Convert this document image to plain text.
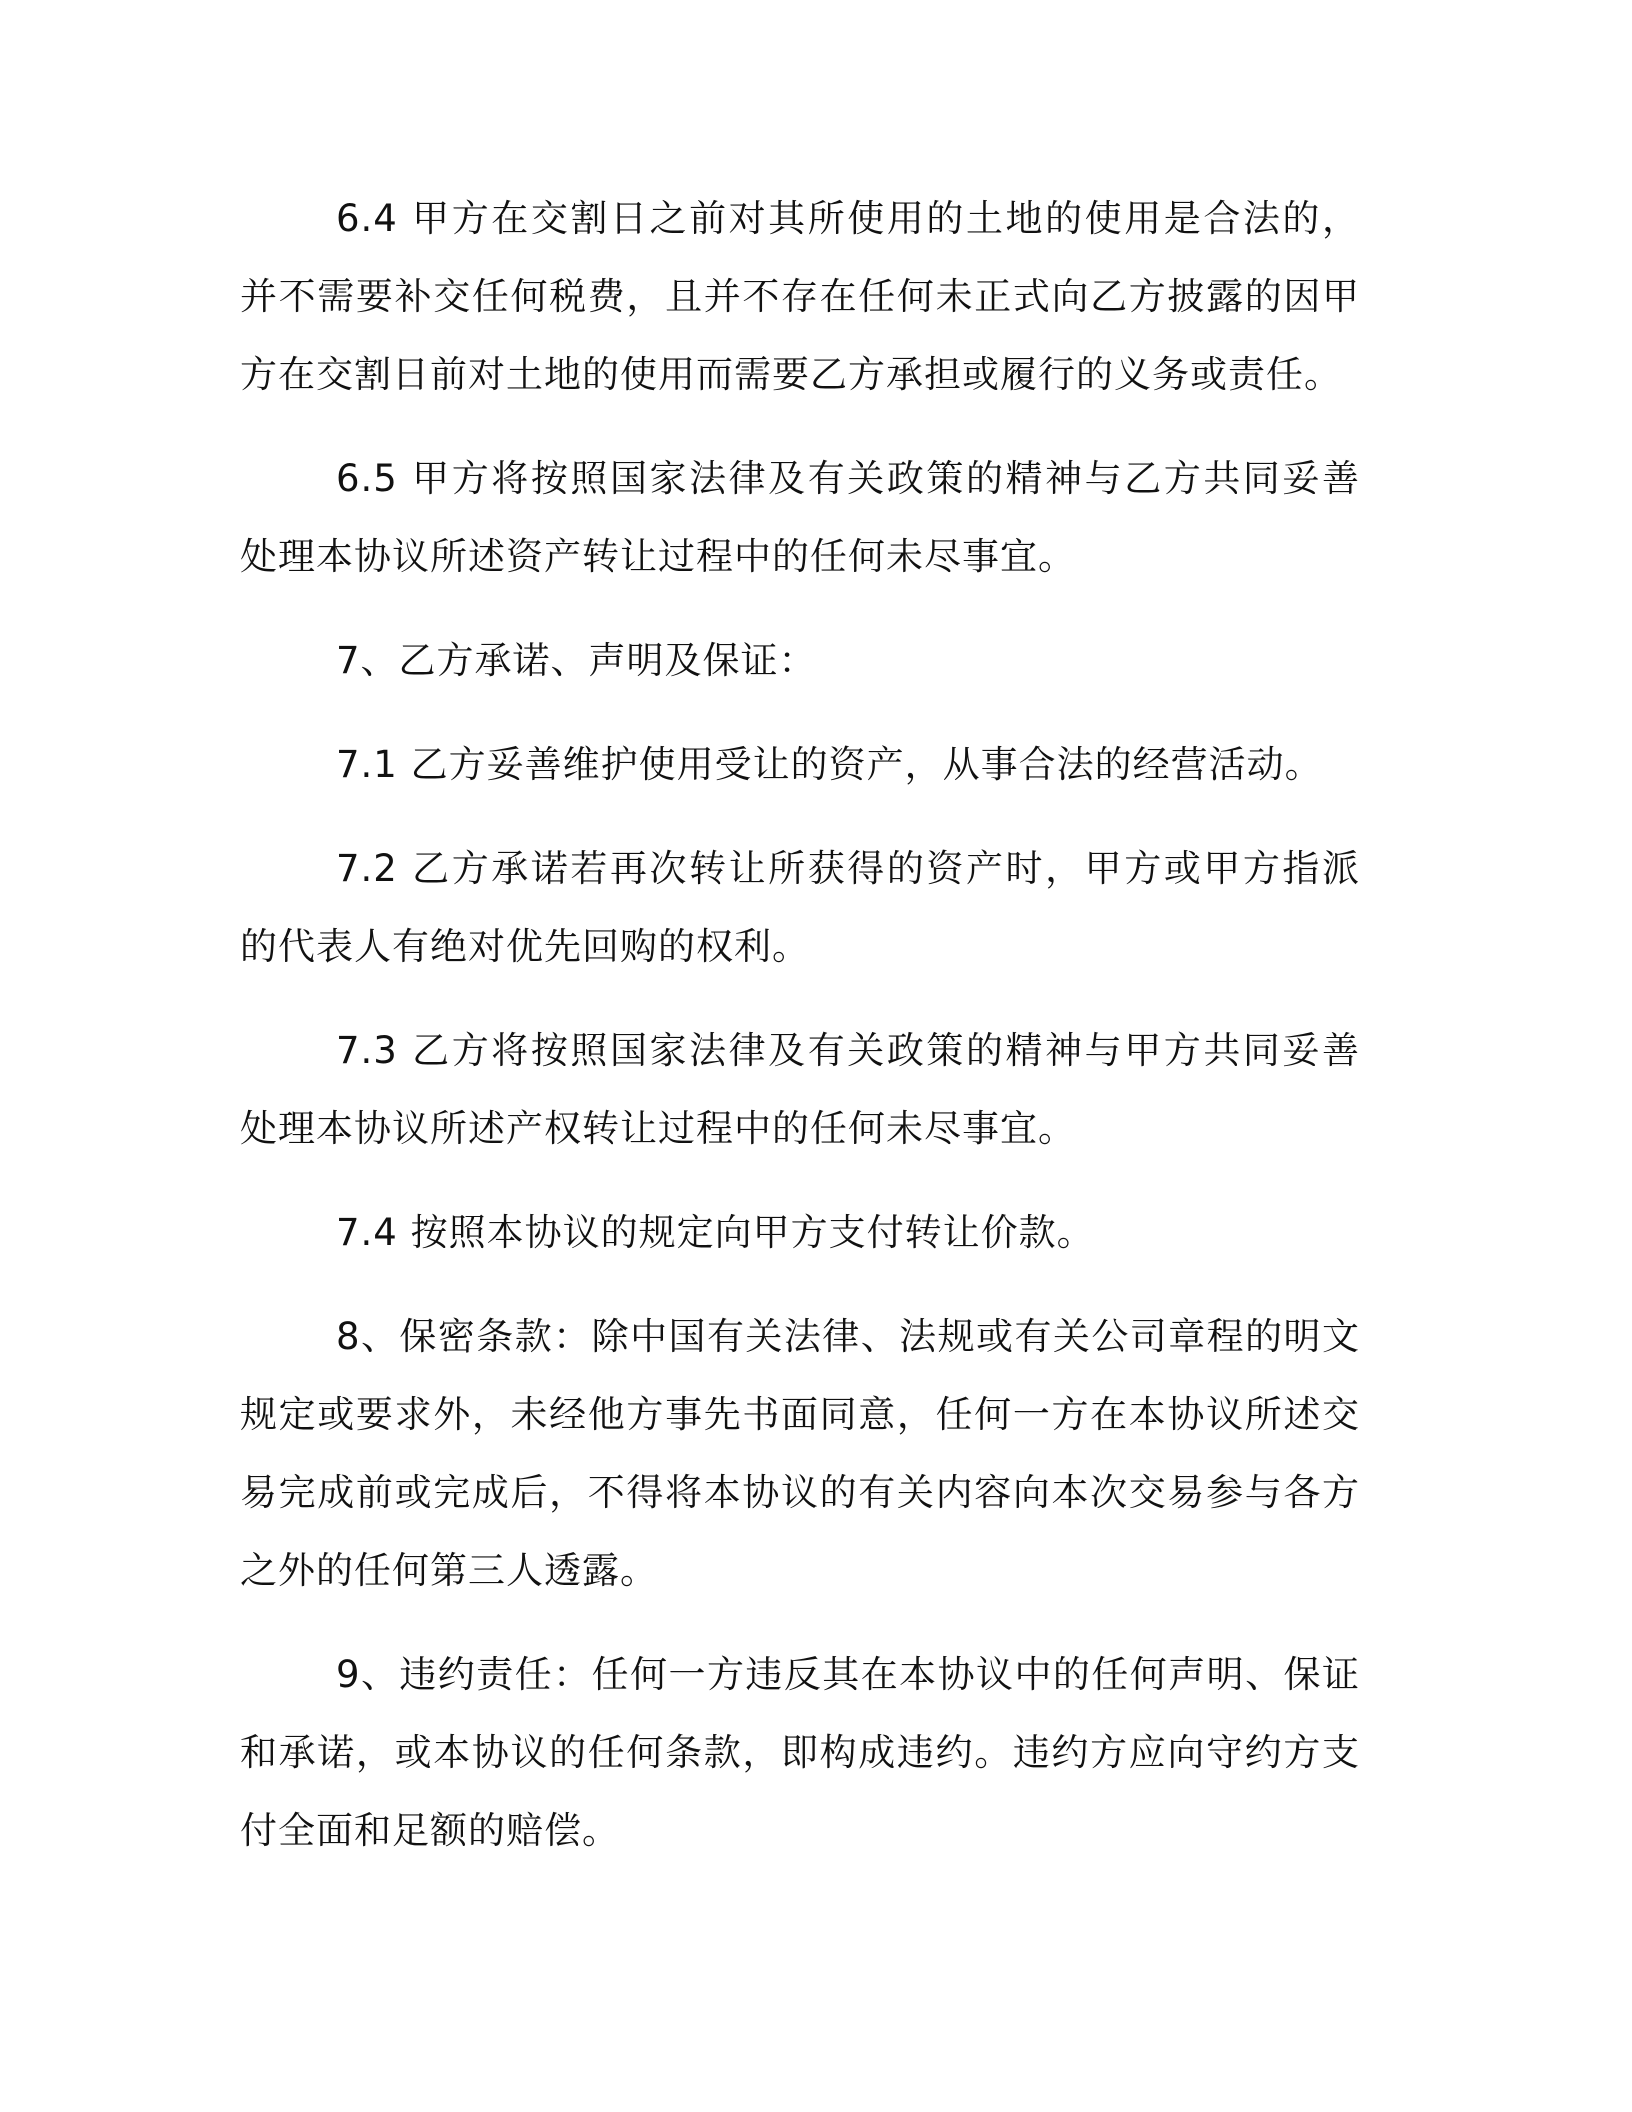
6.4 甲方在交割日之前对其所使用的土地的使用是合法的，并不需要补交任何税费，且并不存在任何未正式向乙方披露的因甲方在交割日前对土地的使用而需要乙方承担或履行的义务或责任。

6.5 甲方将按照国家法律及有关政策的精神与乙方共同妥善处理本协议所述资产转让过程中的任何未尽事宜。

7、乙方承诺、声明及保证：

7.1 乙方妥善维护使用受让的资产，从事合法的经营活动。

7.2 乙方承诺若再次转让所获得的资产时，甲方或甲方指派的代表人有绝对优先回购的权利。

7.3 乙方将按照国家法律及有关政策的精神与甲方共同妥善处理本协议所述产权转让过程中的任何未尽事宜。

7.4 按照本协议的规定向甲方支付转让价款。

8、保密条款：除中国有关法律、法规或有关公司章程的明文规定或要求外，未经他方事先书面同意，任何一方在本协议所述交易完成前或完成后，不得将本协议的有关内容向本次交易参与各方之外的任何第三人透露。

9、违约责任：任何一方违反其在本协议中的任何声明、保证和承诺，或本协议的任何条款，即构成违约。违约方应向守约方支付全面和足额的赔偿。
